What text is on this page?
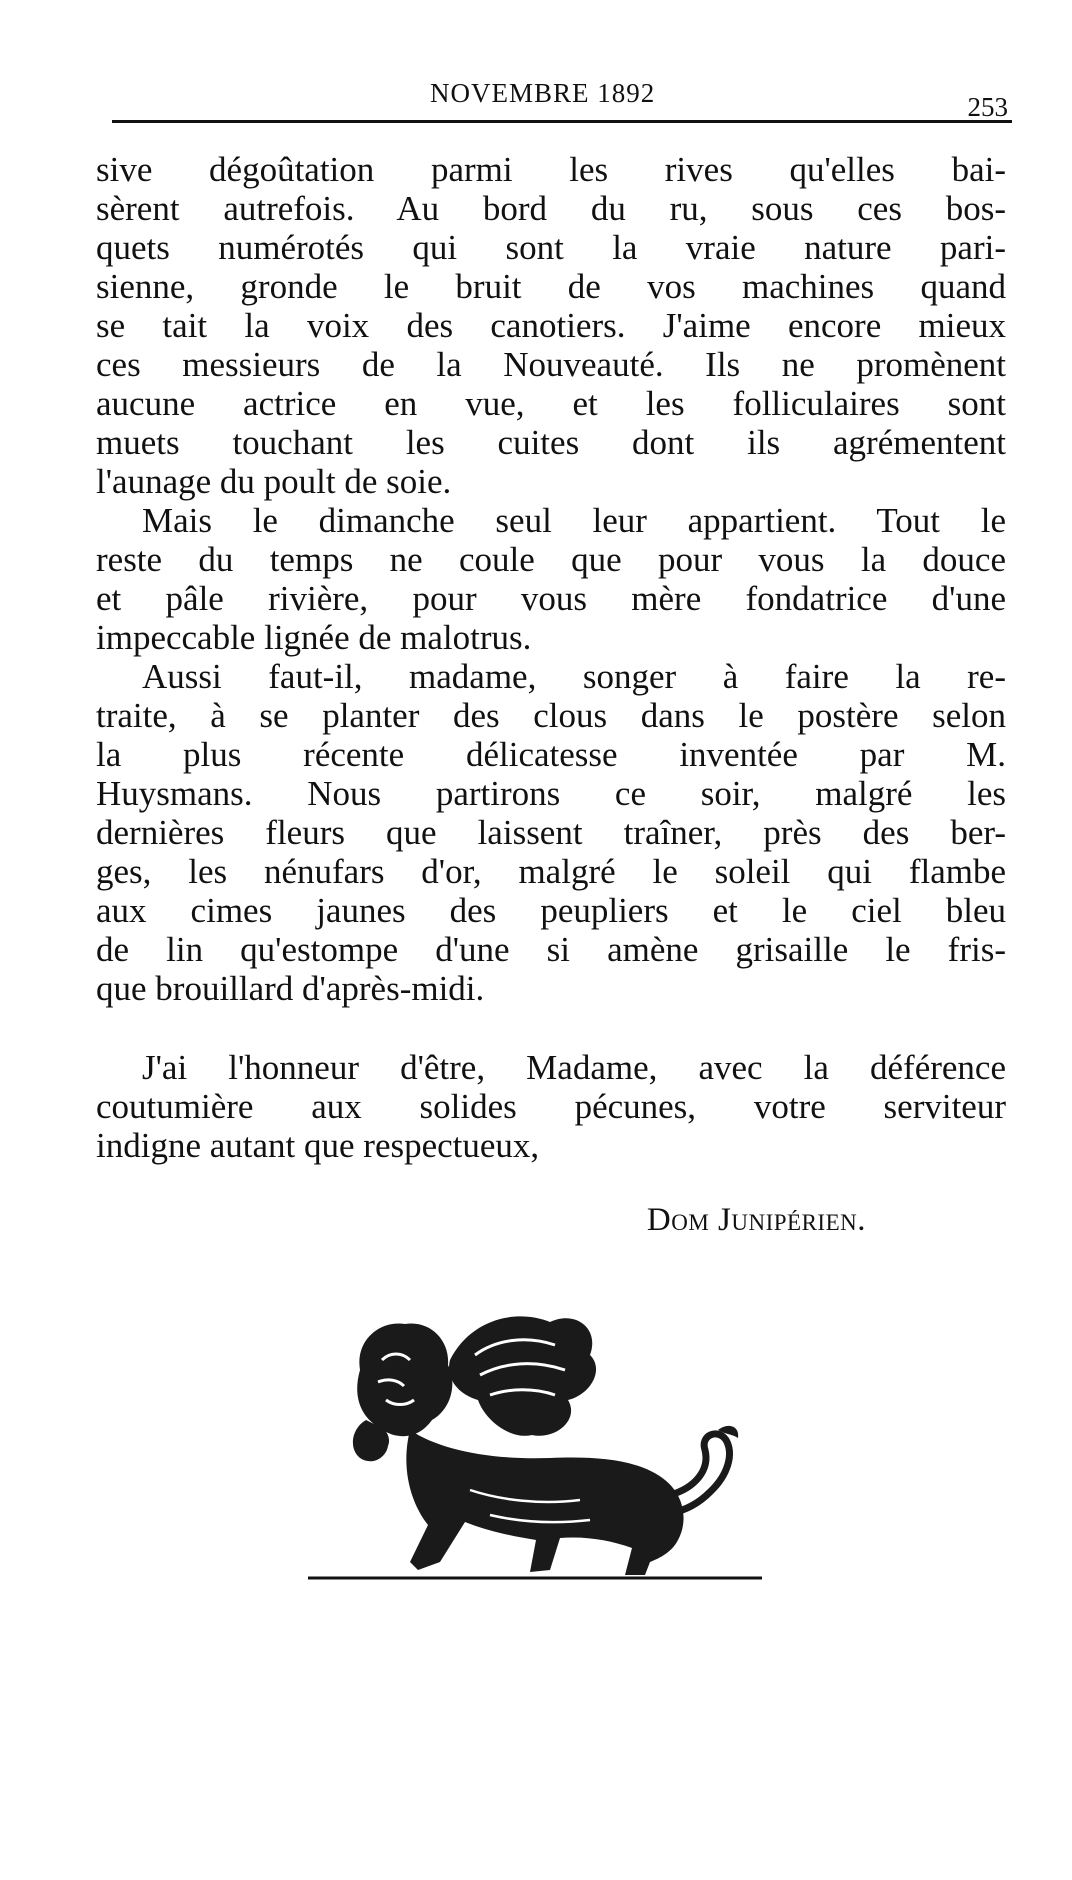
NOVEMBRE 1892	253
sive dégoûtation parmi les rives qu'elles bai-
sèrent autrefois. Au bord du ru, sous ces bos-
quets numérotés qui sont la vraie nature pari-
sienne, gronde le bruit de vos machines quand
se tait la voix des canotiers. J'aime encore mieux
ces messieurs de la Nouveauté. Ils ne promènent
aucune actrice en vue, et les folliculaires sont
muets touchant les cuites dont ils agrémentent
l'aunage du poult de soie.
Mais le dimanche seul leur appartient. Tout le
reste du temps ne coule que pour vous la douce
et pâle rivière, pour vous mère fondatrice d'une
impeccable lignée de malotrus.
Aussi faut-il, madame, songer à faire la re-
traite, à se planter des clous dans le postère selon
la plus récente délicatesse inventée par M.
Huysmans. Nous partirons ce soir, malgré les
dernières fleurs que laissent traîner, près des ber-
ges, les nénufars d'or, malgré le soleil qui flambe
aux cimes jaunes des peupliers et le ciel bleu
de lin qu'estompe d'une si amène grisaille le fris-
que brouillard d'après-midi.
J'ai l'honneur d'être, Madame, avec la déférence
coutumière aux solides pécunes, votre serviteur
indigne autant que respectueux,
Dom Junipérien.
